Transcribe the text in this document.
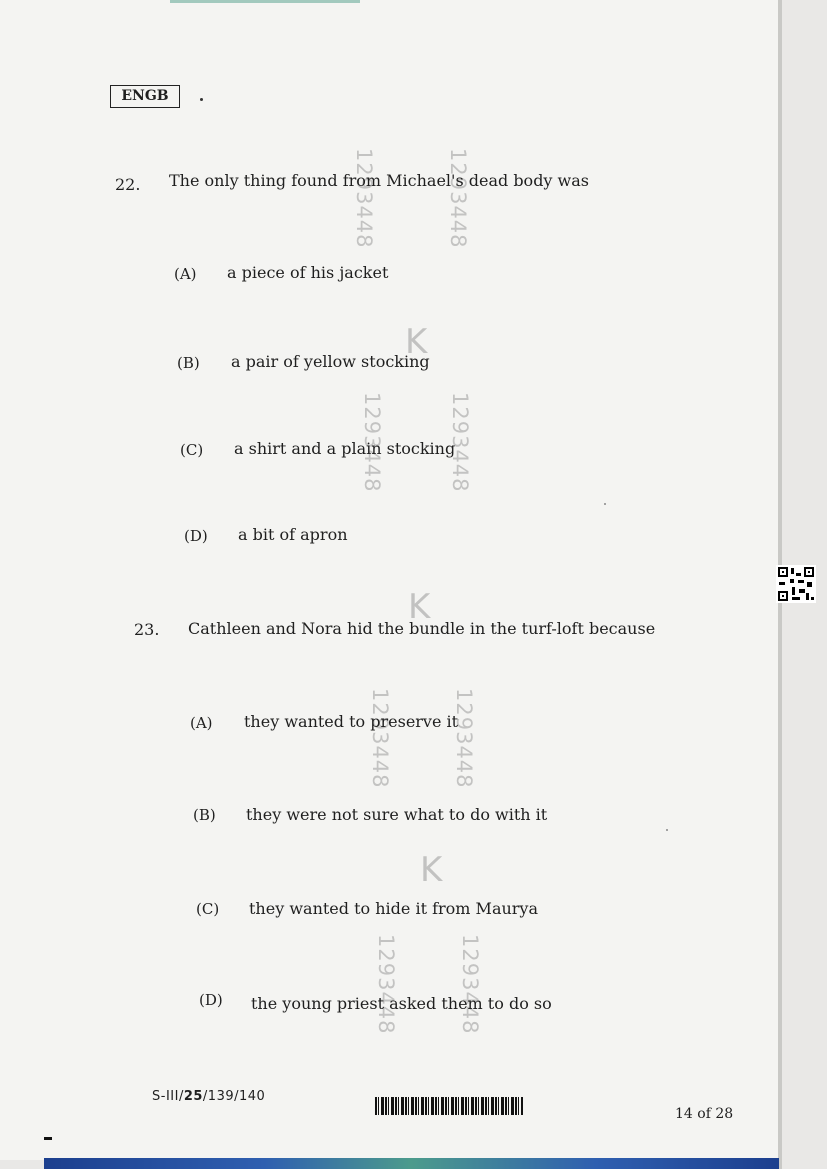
ENGB
1293448	1293448
K
1293448	1293448
K
1293448	1293448
K
1293448	1293448
22. The only thing found from Michael's dead body was
(A) a piece of his jacket
(B) a pair of yellow stocking
(C) a shirt and a plain stocking
(D) a bit of apron
23. Cathleen and Nora hid the bundle in the turf-loft because
(A) they wanted to preserve it
(B) they were not sure what to do with it
(C) they wanted to hide it from Maurya
(D) the young priest asked them to do so
S-III/25/139/140
14 of 28
